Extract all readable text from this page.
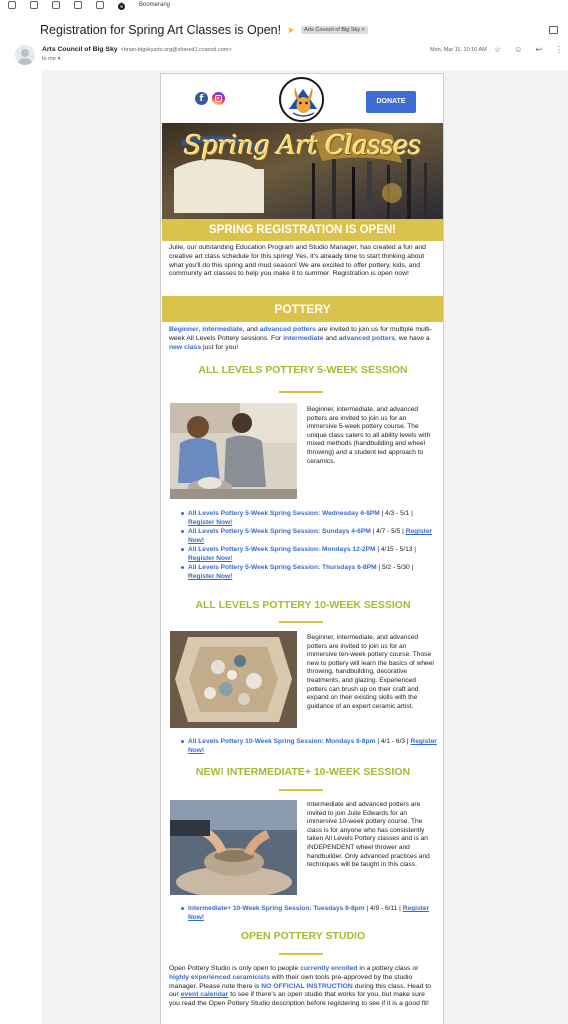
Boomerang
Registration for Spring Art Classes is Open! ➤	Arts Council of Big Sky ×
Arts Council of Big Sky <brian-bigskyarts.org@shared1.ccsend.com>
to me ▾
Mon, Mar 11, 10:10 AM ☆ ☺ ↩ ⋮
f	DONATE
Spring Art Classes
SPRING REGISTRATION IS OPEN!
Julie, our outstanding Education Program and Studio Manager, has created a fun and creative art class schedule for this spring! Yes, it's already time to start thinking about what you'll do this spring and mud season! We are excited to offer pottery, kids, and community art classes to help you make it to summer. Registration is open now!
POTTERY
Beginner, intermediate, and advanced potters are invited to join us for multiple multi-week All Levels Pottery sessions. For intermediate and advanced potters, we have a new class just for you!
ALL LEVELS POTTERY 5-WEEK SESSION
Beginner, intermediate, and advanced potters are invited to join us for an immersive 5-week pottery course. The unique class caters to all ability levels with mixed methods (handbuilding and wheel throwing) and a student led approach to ceramics.
All Levels Pottery 5-Week Spring Session: Wednesday 6-8PM | 4/3 - 5/1 | Register Now!
All Levels Pottery 5-Week Spring Session: Sundays 4-6PM | 4/7 - 5/5 | Register Now!
All Levels Pottery 5-Week Spring Session: Mondays 12-2PM | 4/15 - 5/13 | Register Now!
All Levels Pottery 5-Week Spring Session: Thursdays 6-8PM | 5/2 - 5/30 | Register Now!
ALL LEVELS POTTERY 10-WEEK SESSION
Beginner, intermediate, and advanced potters are invited to join us for an immersive ten-week pottery course. Those new to pottery will learn the basics of wheel throwing, handbuilding, decorative treatments, and glazing. Experienced potters can brush up on their craft and expand on their existing skills with the guidance of an expert ceramic artist.
All Levels Pottery 10-Week Spring Session: Mondays 6-8pm | 4/1 - 6/3 | Register Now!
NEW! INTERMEDIATE+ 10-WEEK SESSION
Intermediate and advanced potters are invited to join Julie Edwards for an immersive 10-week pottery course. The class is for anyone who has consistently taken All Levels Pottery classes and is an INDEPENDENT wheel thrower and handbuilder. Only advanced practices and techniques will be taught in this class.
Intermediate+ 10-Week Spring Session: Tuesdays 6-8pm | 4/9 - 6/11 | Register Now!
OPEN POTTERY STUDIO
Open Pottery Studio is only open to people currently enrolled in a pottery class or highly experienced ceramicists with their own tools pre-approved by the studio manager. Please note there is NO OFFICIAL INSTRUCTION during this class. Head to our event calendar to see if there's an open studio that works for you, but make sure you read the Open Pottery Studio description before registering to see if it is a good fit!
